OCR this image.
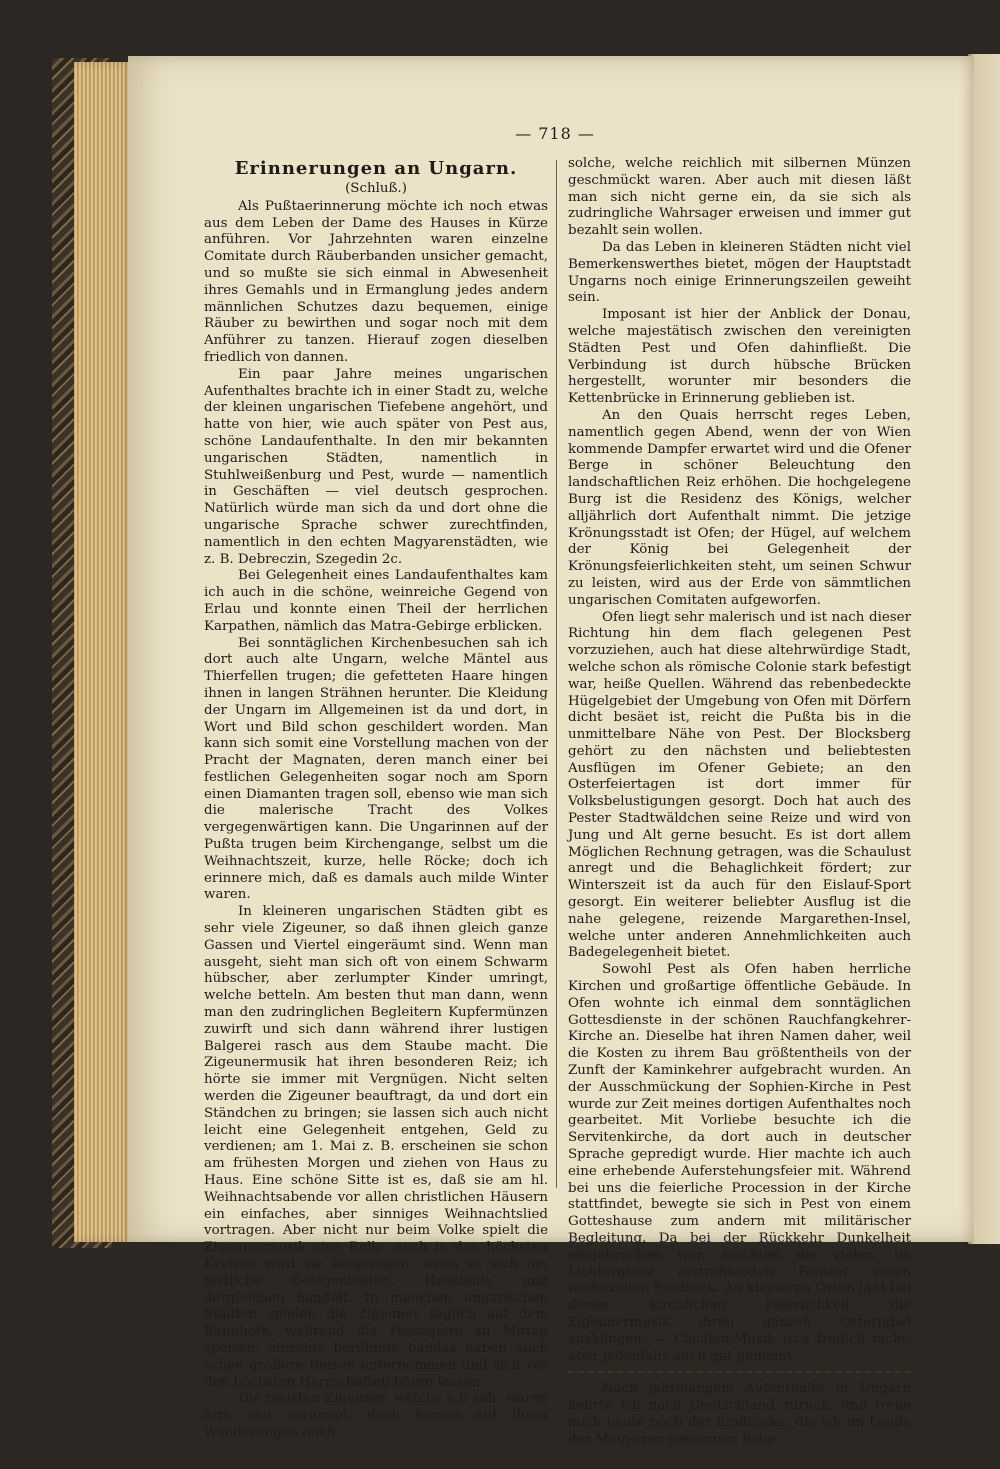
— 718 —
Erinnerungen an Ungarn.
(Schluß.)

Als Pußtaerinnerung möchte ich noch etwas aus dem Leben der Dame des Hauses in Kürze anführen. Vor Jahrzehnten waren einzelne Comitate durch Räuberbanden unsicher gemacht, und so mußte sie sich einmal in Abwesenheit ihres Gemahls und in Ermanglung jedes andern männlichen Schutzes dazu bequemen, einige Räuber zu bewirthen und sogar noch mit dem Anführer zu tanzen. Hierauf zogen dieselben friedlich von dannen.

Ein paar Jahre meines ungarischen Aufenthaltes brachte ich in einer Stadt zu, welche der kleinen ungarischen Tiefebene angehört, und hatte von hier, wie auch später von Pest aus, schöne Landaufenthalte. In den mir bekannten ungarischen Städten, namentlich in Stuhlweißenburg und Pest, wurde — namentlich in Geschäften — viel deutsch gesprochen. Natürlich würde man sich da und dort ohne die ungarische Sprache schwer zurechtfinden, namentlich in den echten Magyarenstädten, wie z. B. Debreczin, Szegedin 2c.

Bei Gelegenheit eines Landaufenthaltes kam ich auch in die schöne, weinreiche Gegend von Erlau und konnte einen Theil der herrlichen Karpathen, nämlich das Matra-Gebirge erblicken.

Bei sonntäglichen Kirchenbesuchen sah ich dort auch alte Ungarn, welche Mäntel aus Thierfellen trugen; die gefetteten Haare hingen ihnen in langen Strähnen herunter. Die Kleidung der Ungarn im Allgemeinen ist da und dort, in Wort und Bild schon geschildert worden. Man kann sich somit eine Vorstellung machen von der Pracht der Magnaten, deren manch einer bei festlichen Gelegenheiten sogar noch am Sporn einen Diamanten tragen soll, ebenso wie man sich die malerische Tracht des Volkes vergegenwärtigen kann. Die Ungarinnen auf der Pußta trugen beim Kirchengange, selbst um die Weihnachtszeit, kurze, helle Röcke; doch ich erinnere mich, daß es damals auch milde Winter waren.

In kleineren ungarischen Städten gibt es sehr viele Zigeuner, so daß ihnen gleich ganze Gassen und Viertel eingeräumt sind. Wenn man ausgeht, sieht man sich oft von einem Schwarm hübscher, aber zerlumpter Kinder umringt, welche betteln. Am besten thut man dann, wenn man den zudringlichen Begleitern Kupfermünzen zuwirft und sich dann während ihrer lustigen Balgerei rasch aus dem Staube macht. Die Zigeunermusik hat ihren besonderen Reiz; ich hörte sie immer mit Vergnügen. Nicht selten werden die Zigeuner beauftragt, da und dort ein Ständchen zu bringen; sie lassen sich auch nicht leicht eine Gelegenheit entgehen, Geld zu verdienen; am 1. Mai z. B. erscheinen sie schon am frühesten Morgen und ziehen von Haus zu Haus. Eine schöne Sitte ist es, daß sie am hl. Weihnachtsabende vor allen christlichen Häusern ein einfaches, aber sinniges Weihnachtslied vortragen. Aber nicht nur beim Volke spielt die Zigeunermusik eine Rolle, auch in den höchsten Kreisen wird sie beigezogen, wenn es sich um festliche Gelegenheiten, Hausbälle und dergleichen handelt. In manchen ungarischen Städten spielen die Zigeuner täglich auf dem Bahnhofe, während die Passagiere zu Mittag speisen; einzelne berühmte bandas haben auch schon größere Reisen unternommen und sich vor den höchsten Herrschaften hören lassen.

Die meisten Zigeuner, welche ich sah, waren arm und zerlumpt, doch kamen auf ihren Wanderungen auch

solche, welche reichlich mit silbernen Münzen geschmückt waren. Aber auch mit diesen läßt man sich nicht gerne ein, da sie sich als zudringliche Wahrsager erweisen und immer gut bezahlt sein wollen.

Da das Leben in kleineren Städten nicht viel Bemerkenswerthes bietet, mögen der Hauptstadt Ungarns noch einige Erinnerungszeilen geweiht sein.

Imposant ist hier der Anblick der Donau, welche majestätisch zwischen den vereinigten Städten Pest und Ofen dahinfließt. Die Verbindung ist durch hübsche Brücken hergestellt, worunter mir besonders die Kettenbrücke in Erinnerung geblieben ist.

An den Quais herrscht reges Leben, namentlich gegen Abend, wenn der von Wien kommende Dampfer erwartet wird und die Ofener Berge in schöner Beleuchtung den landschaftlichen Reiz erhöhen. Die hochgelegene Burg ist die Residenz des Königs, welcher alljährlich dort Aufenthalt nimmt. Die jetzige Krönungsstadt ist Ofen; der Hügel, auf welchem der König bei Gelegenheit der Krönungsfeierlichkeiten steht, um seinen Schwur zu leisten, wird aus der Erde von sämmtlichen ungarischen Comitaten aufgeworfen.

Ofen liegt sehr malerisch und ist nach dieser Richtung hin dem flach gelegenen Pest vorzuziehen, auch hat diese altehrwürdige Stadt, welche schon als römische Colonie stark befestigt war, heiße Quellen. Während das rebenbedeckte Hügelgebiet der Umgebung von Ofen mit Dörfern dicht besäet ist, reicht die Pußta bis in die unmittelbare Nähe von Pest. Der Blocksberg gehört zu den nächsten und beliebtesten Ausflügen im Ofener Gebiete; an den Osterfeiertagen ist dort immer für Volksbelustigungen gesorgt. Doch hat auch des Pester Stadtwäldchen seine Reize und wird von Jung und Alt gerne besucht. Es ist dort allem Möglichen Rechnung getragen, was die Schaulust anregt und die Behaglichkeit fördert; zur Winterszeit ist da auch für den Eislauf-Sport gesorgt. Ein weiterer beliebter Ausflug ist die nahe gelegene, reizende Margarethen-Insel, welche unter anderen Annehmlichkeiten auch Badegelegenheit bietet.

Sowohl Pest als Ofen haben herrliche Kirchen und großartige öffentliche Gebäude. In Ofen wohnte ich einmal dem sonntäglichen Gottesdienste in der schönen Rauchfangkehrer-Kirche an. Dieselbe hat ihren Namen daher, weil die Kosten zu ihrem Bau größtentheils von der Zunft der Kaminkehrer aufgebracht wurden. An der Ausschmückung der Sophien-Kirche in Pest wurde zur Zeit meines dortigen Aufenthaltes noch gearbeitet. Mit Vorliebe besuchte ich die Servitenkirche, da dort auch in deutscher Sprache gepredigt wurde. Hier machte ich auch eine erhebende Auferstehungsfeier mit. Während bei uns die feierliche Procession in der Kirche stattfindet, bewegte sie sich in Pest von einem Gotteshause zum andern mit militärischer Begleitung. Da bei der Rückkehr Dunkelheit eingebrochen war, machten die vielen, im Lichterglanz erstrahlenden Fenster einen weihevollen Eindruck. An kleineren Orten läßt bei dieser kirchlichen Feierlichkeit die Zigeunermusik ihren ganzen Osterjubel ausklingen. — Cäcilien-Musik ist's freilich nicht, aber jedenfalls auch gut gemeint.

Nach jahrelangem Aufenthalte in Ungarn kehrte ich nach Deutschland zurück, und freue mich heute noch der Eindrücke, die ich im Lande der Magyaren gewonnen habe.

—•—•—•—•—
